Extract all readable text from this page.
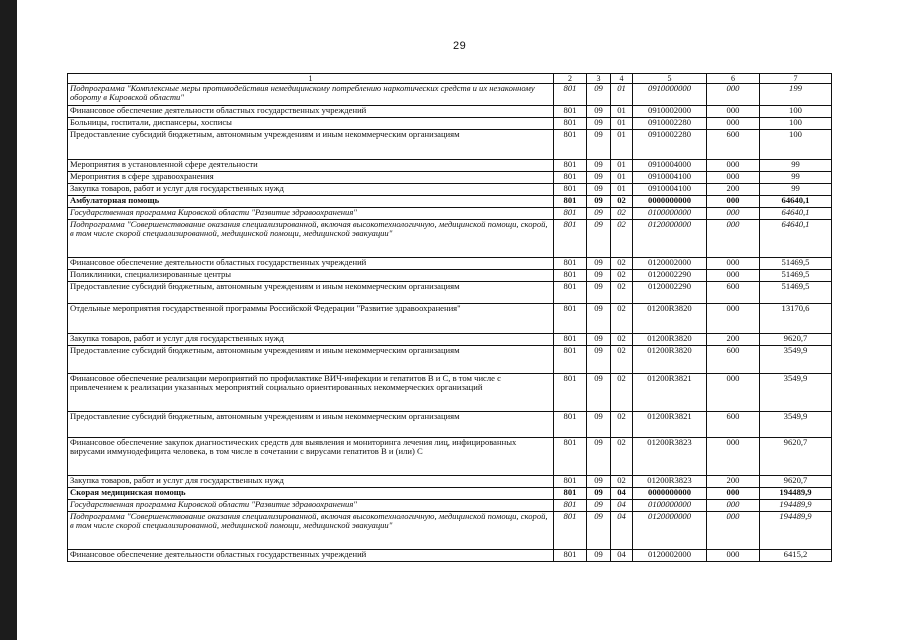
29
1	2	3	4	5	6	7
Подпрограмма "Комплексные меры противодействия немедицинскому потреблению наркотических средств и их незаконному обороту в Кировской области"	801	09	01	0910000000	000	199
Финансовое обеспечение деятельности областных государственных учреждений	801	09	01	0910002000	000	100
Больницы, госпитали, диспансеры, хосписы	801	09	01	0910002280	000	100
Предоставление субсидий бюджетным, автономным учреждениям и иным некоммерческим организациям	801	09	01	0910002280	600	100
Мероприятия в установленной сфере деятельности	801	09	01	0910004000	000	99
Мероприятия в сфере здравоохранения	801	09	01	0910004100	000	99
Закупка товаров, работ и услуг для государственных нужд	801	09	01	0910004100	200	99
Амбулаторная помощь	801	09	02	0000000000	000	64640,1
Государственная программа Кировской области "Развитие здравоохранения"	801	09	02	0100000000	000	64640,1
Подпрограмма "Совершенствование оказания специализированной, включая высокотехнологичную, медицинской помощи, скорой, в том числе скорой специализированной, медицинской помощи, медицинской эвакуации"	801	09	02	0120000000	000	64640,1
Финансовое обеспечение деятельности областных государственных учреждений	801	09	02	0120002000	000	51469,5
Поликлиники, специализированные центры	801	09	02	0120002290	000	51469,5
Предоставление субсидий бюджетным, автономным учреждениям и иным некоммерческим организациям	801	09	02	0120002290	600	51469,5
Отдельные мероприятия государственной программы Российской Федерации "Развитие здравоохранения"	801	09	02	01200R3820	000	13170,6
Закупка товаров, работ и услуг для государственных нужд	801	09	02	01200R3820	200	9620,7
Предоставление субсидий бюджетным, автономным учреждениям и иным некоммерческим организациям	801	09	02	01200R3820	600	3549,9
Финансовое обеспечение реализации мероприятий по профилактике ВИЧ-инфекции и гепатитов B и C, в том числе с привлечением к реализации указанных мероприятий социально ориентированных некоммерческих организаций	801	09	02	01200R3821	000	3549,9
Предоставление субсидий бюджетным, автономным учреждениям и иным некоммерческим организациям	801	09	02	01200R3821	600	3549,9
Финансовое обеспечение закупок диагностических средств для выявления и мониторинга лечения лиц, инфицированных вирусами иммунодефицита человека, в том числе в сочетании с вирусами гепатитов B и (или) C	801	09	02	01200R3823	000	9620,7
Закупка товаров, работ и услуг для государственных нужд	801	09	02	01200R3823	200	9620,7
Скорая медицинская помощь	801	09	04	0000000000	000	194489,9
Государственная программа Кировской области "Развитие здравоохранения"	801	09	04	0100000000	000	194489,9
Подпрограмма "Совершенствование оказания специализированной, включая высокотехнологичную, медицинской помощи, скорой, в том числе скорой специализированной, медицинской помощи, медицинской эвакуации"	801	09	04	0120000000	000	194489,9
Финансовое обеспечение деятельности областных государственных учреждений	801	09	04	0120002000	000	6415,2
